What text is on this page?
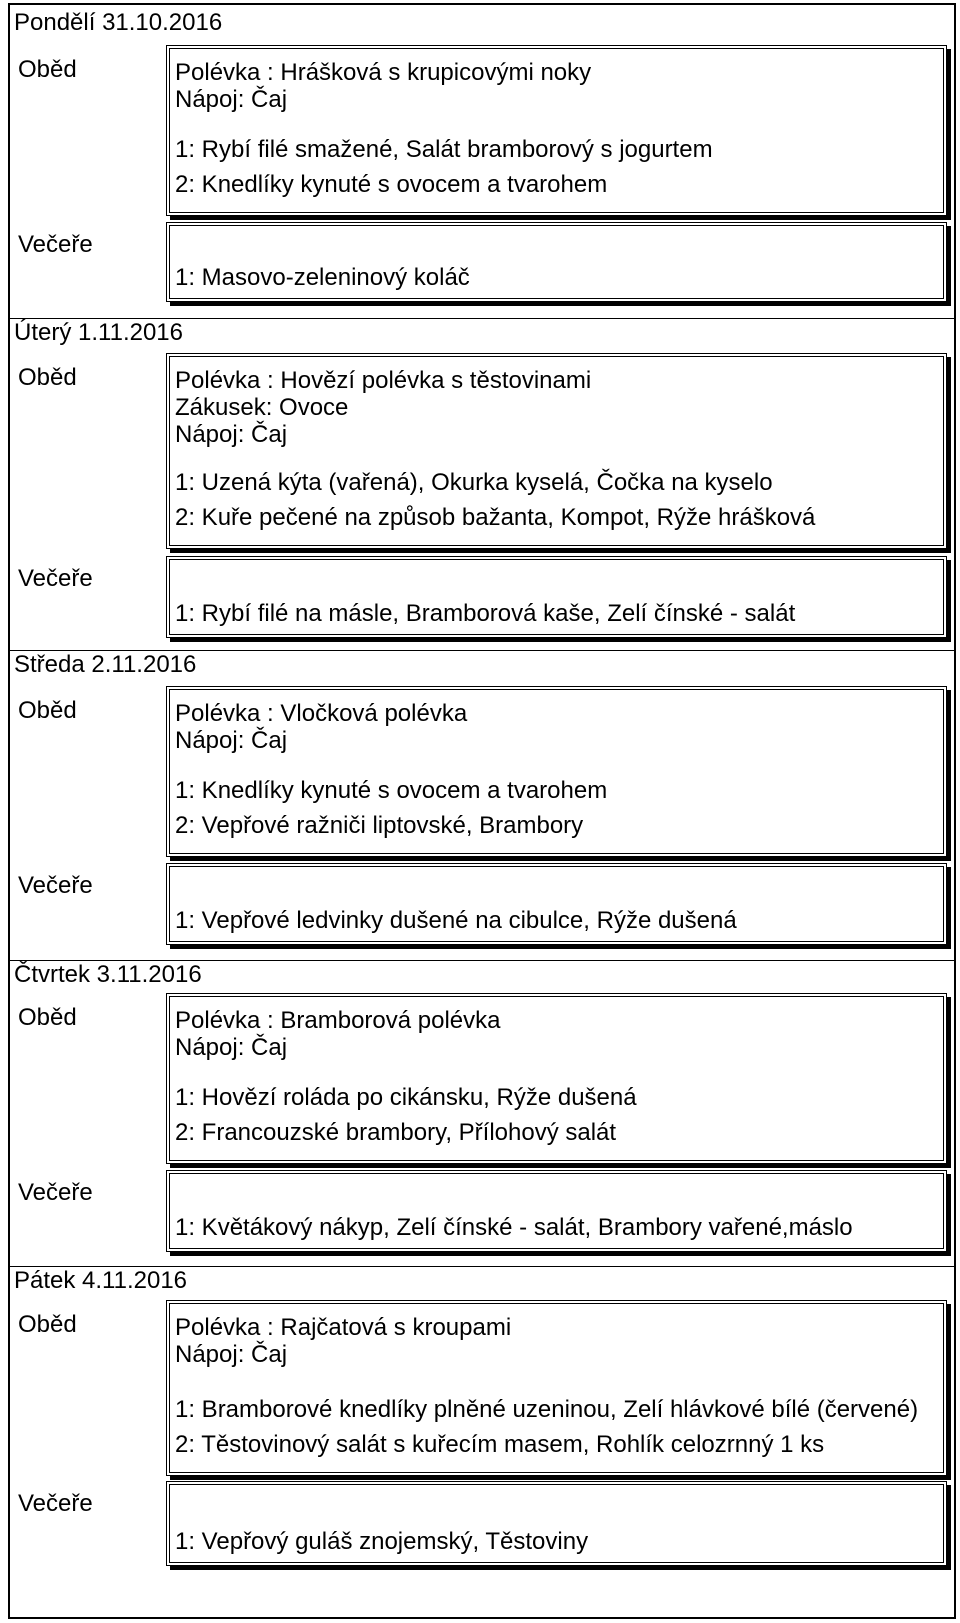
Pondělí 31.10.2016
Oběd	Polévka : Hrášková s krupicovými noky
Nápoj: Čaj
1: Rybí filé smažené, Salát bramborový s jogurtem
2: Knedlíky kynuté s ovocem a tvarohem
Večeře
1: Masovo-zeleninový koláč
Úterý 1.11.2016
Oběd	Polévka : Hovězí polévka s těstovinami
Zákusek: Ovoce
Nápoj: Čaj
1: Uzená kýta (vařená), Okurka kyselá, Čočka na kyselo
2: Kuře pečené na způsob bažanta, Kompot, Rýže hrášková
Večeře
1: Rybí filé na másle, Bramborová kaše, Zelí čínské - salát
Středa 2.11.2016
Oběd	Polévka : Vločková polévka
Nápoj: Čaj
1: Knedlíky kynuté s ovocem a tvarohem
2: Vepřové ražniči liptovské, Brambory
Večeře
1: Vepřové ledvinky dušené na cibulce, Rýže dušená
Čtvrtek 3.11.2016
Oběd	Polévka : Bramborová polévka
Nápoj: Čaj
1: Hovězí roláda po cikánsku, Rýže dušená
2: Francouzské brambory, Přílohový salát
Večeře
1: Květákový nákyp, Zelí čínské - salát, Brambory vařené,máslo
Pátek 4.11.2016
Oběd	Polévka : Rajčatová s kroupami
Nápoj: Čaj
1: Bramborové knedlíky plněné uzeninou, Zelí hlávkové bílé (červené)
2: Těstovinový salát s kuřecím masem, Rohlík celozrnný 1 ks
Večeře
1: Vepřový guláš znojemský, Těstoviny
